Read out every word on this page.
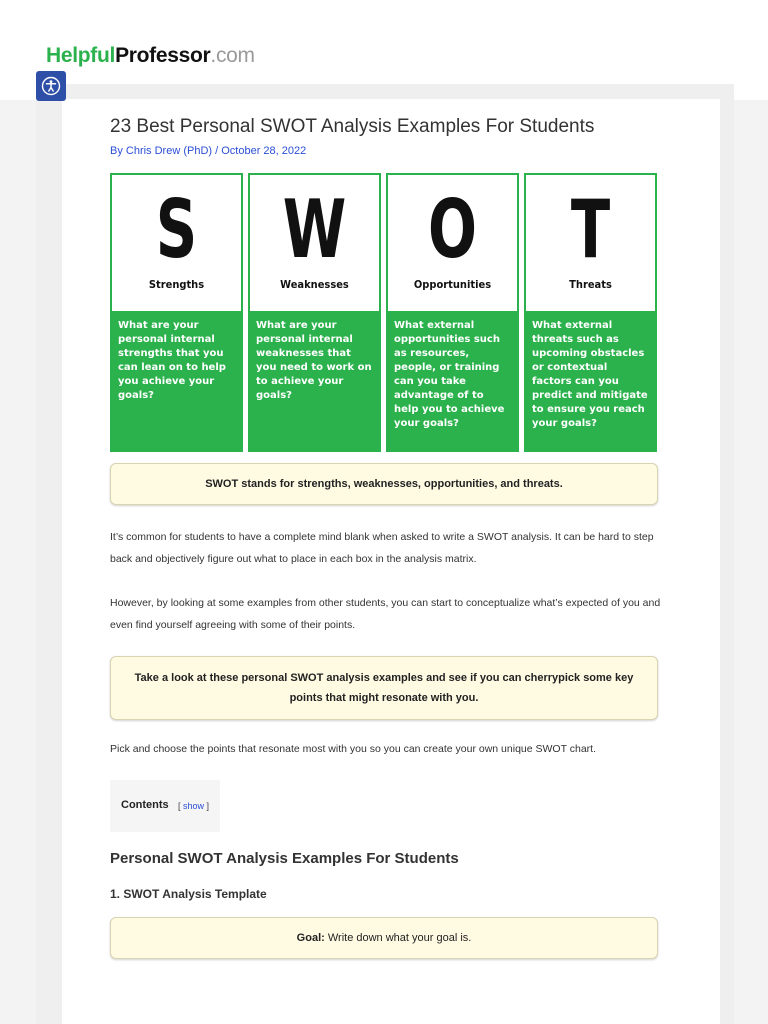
HelpfulProfessor.com
23 Best Personal SWOT Analysis Examples For Students
By Chris Drew (PhD) / October 28, 2022
S
Strengths
What are your personal internal strengths that you can lean on to help you achieve your goals?
W
Weaknesses
What are your personal internal weaknesses that you need to work on to achieve your goals?
O
Opportunities
What external opportunities such as resources, people, or training can you take advantage of to help you to achieve your goals?
T
Threats
What external threats such as upcoming obstacles or contextual factors can you predict and mitigate to ensure you reach your goals?
SWOT stands for strengths, weaknesses, opportunities, and threats.

It’s common for students to have a complete mind blank when asked to write a SWOT analysis. It can be hard to step back and objectively figure out what to place in each box in the analysis matrix.

However, by looking at some examples from other students, you can start to conceptualize what’s expected of you and even find yourself agreeing with some of their points.

Take a look at these personal SWOT analysis examples and see if you can cherrypick some key points that might resonate with you.

Pick and choose the points that resonate most with you so you can create your own unique SWOT chart.

Contents [ show ]
Personal SWOT Analysis Examples For Students
1. SWOT Analysis Template
Goal: Write down what your goal is.
